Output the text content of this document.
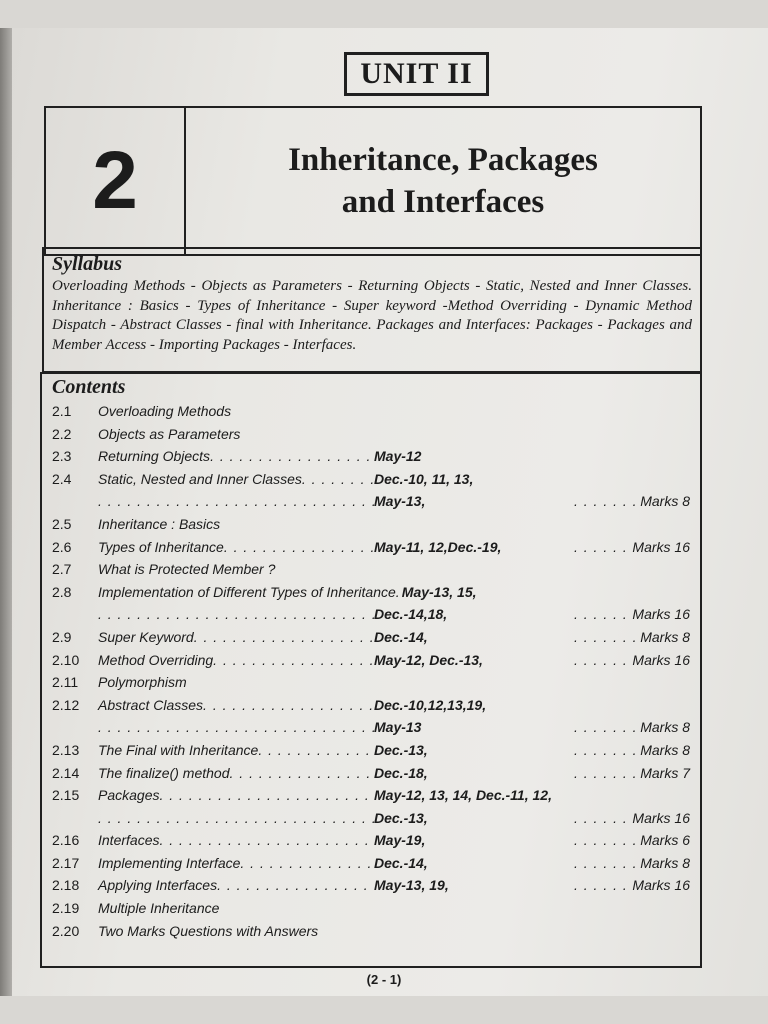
UNIT II
2	Inheritance, Packages
and Interfaces
Syllabus
Overloading Methods - Objects as Parameters - Returning Objects - Static, Nested and Inner Classes. Inheritance : Basics - Types of Inheritance - Super keyword -Method Overriding - Dynamic Method Dispatch - Abstract Classes - final with Inheritance. Packages and Interfaces: Packages - Packages and Member Access - Importing Packages - Interfaces.
Contents
2.1	Overloading Methods
2.2	Objects as Parameters
2.3	Returning Objects . . .	May-12
2.4	Static, Nested and Inner Classes . . .	Dec.-10, 11, 13,
. . .
May-13, . . .	Marks 8
2.5	Inheritance : Basics
2.6	Types of Inheritance . . .	May-11, 12,Dec.-19, . . .	Marks 16
2.7	What is Protected Member ?
2.8	Implementation of Different Types of Inheritance . . . May-13, 15,
. . .
Dec.-14,18, . . .	Marks 16
2.9	Super Keyword . . .	Dec.-14, . . .	Marks 8
2.10	Method Overriding . . .	May-12, Dec.-13, . . .	Marks 16
2.11	Polymorphism
2.12	Abstract Classes . . .	Dec.-10,12,13,19,
. . .
May-13 . . .	Marks 8
2.13	The Final with Inheritance . . .	Dec.-13, . . .	Marks 8
2.14	The finalize() method . . .	Dec.-18, . . .	Marks 7
2.15	Packages . . .	May-12, 13, 14, Dec.-11, 12,
. . .
Dec.-13, . . .	Marks 16
2.16	Interfaces . . .	May-19, . . .	Marks 6
2.17	Implementing Interface . . .	Dec.-14, . . .	Marks 8
2.18	Applying Interfaces . . .	May-13, 19, . . .	Marks 16
2.19	Multiple Inheritance
2.20	Two Marks Questions with Answers
(2 - 1)
